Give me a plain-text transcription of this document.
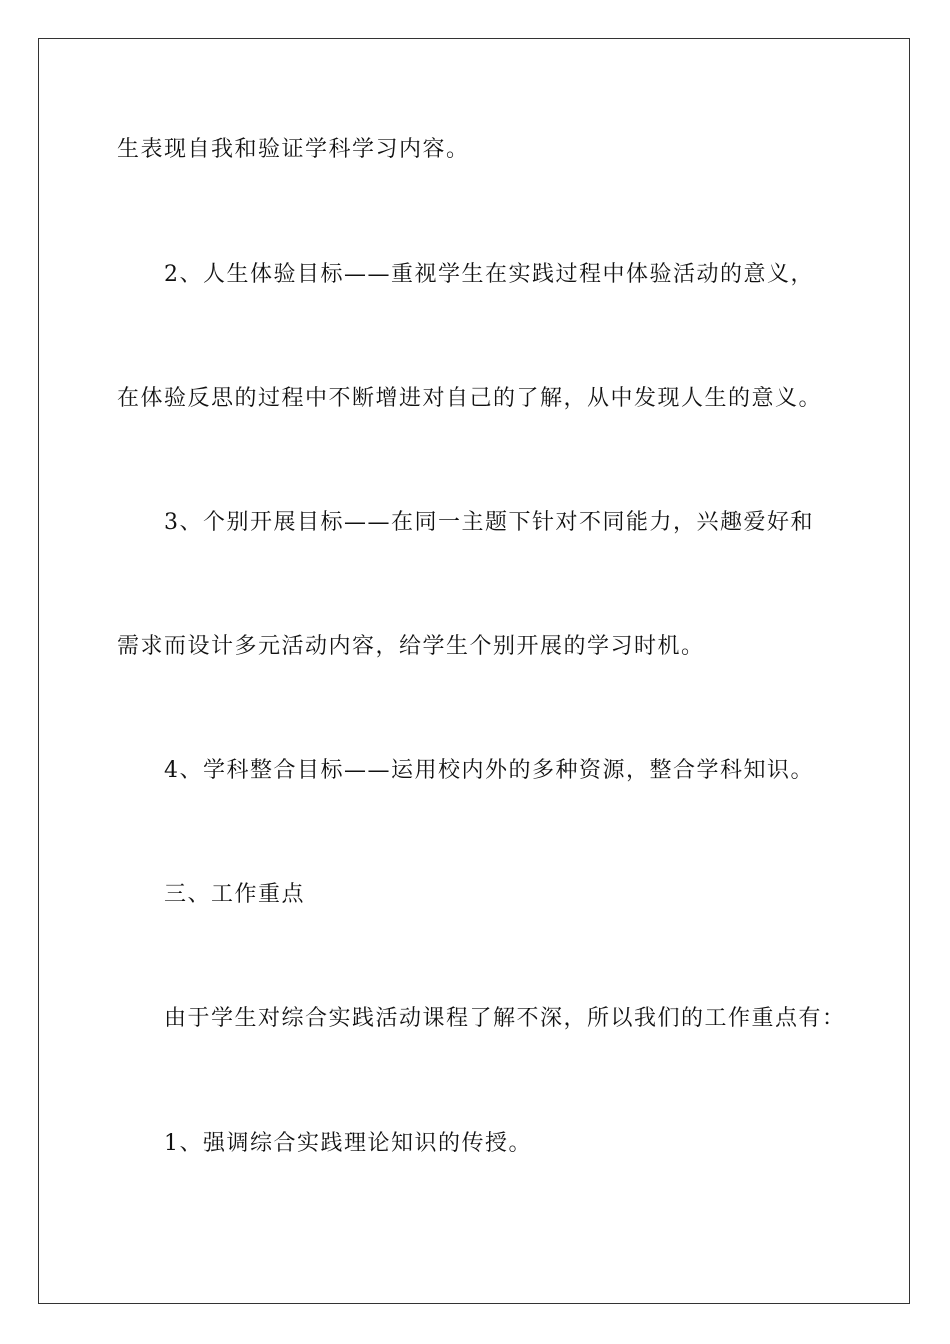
生表现自我和验证学科学习内容。
2、人生体验目标——重视学生在实践过程中体验活动的意义，
在体验反思的过程中不断增进对自己的了解，从中发现人生的意义。
3、个别开展目标——在同一主题下针对不同能力，兴趣爱好和
需求而设计多元活动内容，给学生个别开展的学习时机。
4、学科整合目标——运用校内外的多种资源，整合学科知识。
三、工作重点
由于学生对综合实践活动课程了解不深，所以我们的工作重点有：
1、强调综合实践理论知识的传授。
